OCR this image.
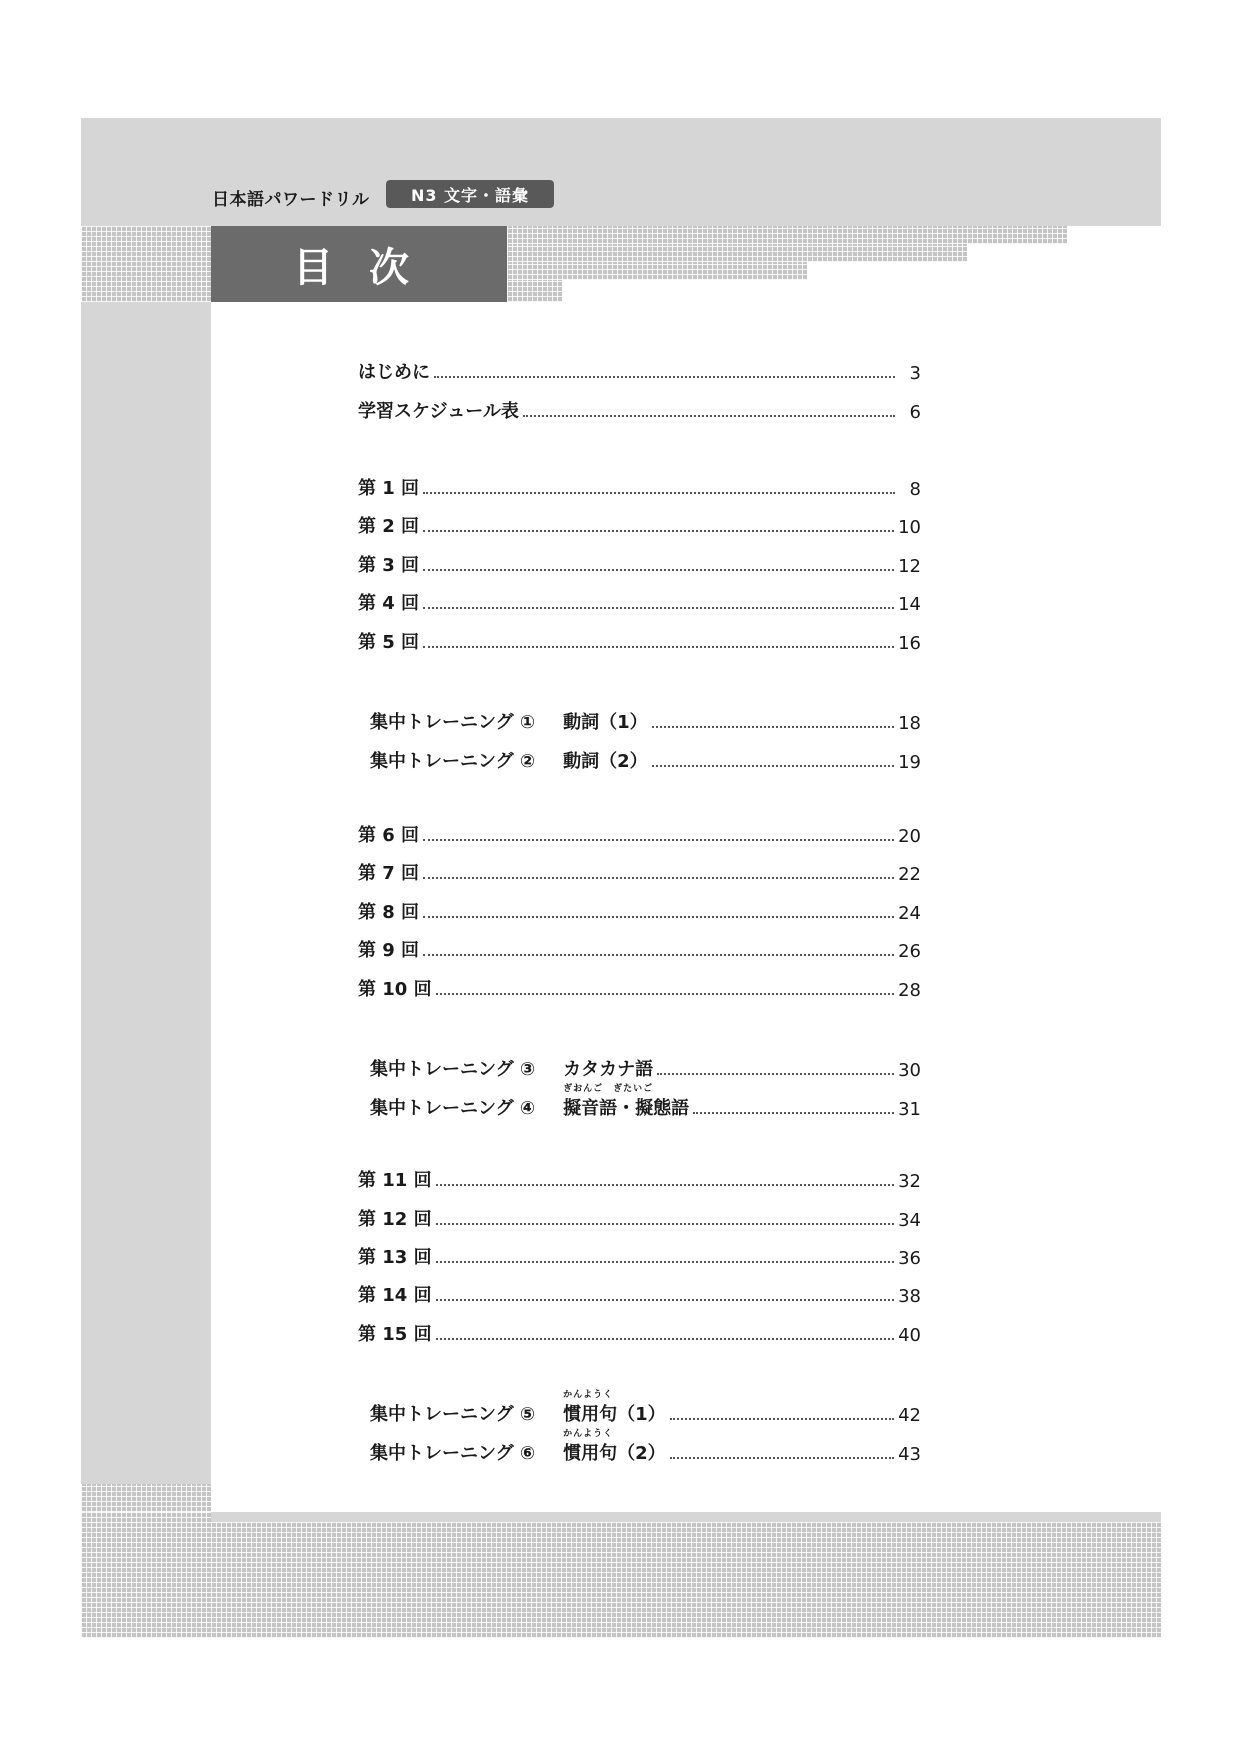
日本語パワードリル	N3 文字・語彙
目次
はじめに	3
学習スケジュール表	6
第 1 回	8
第 2 回	10
第 3 回	12
第 4 回	14
第 5 回	16
集中トレーニング ① 動詞（1）	18
集中トレーニング ② 動詞（2）	19
第 6 回	20
第 7 回	22
第 8 回	24
第 9 回	26
第 10 回	28
集中トレーニング ③ カタカナ語	30
集中トレーニング ④
ぎおんご　ぎたいご
擬音語・擬態語	31
第 11 回	32
第 12 回	34
第 13 回	36
第 14 回	38
第 15 回	40
集中トレーニング ⑤
かんようく
慣用句（1）	42
集中トレーニング ⑥
かんようく
慣用句（2）	43
